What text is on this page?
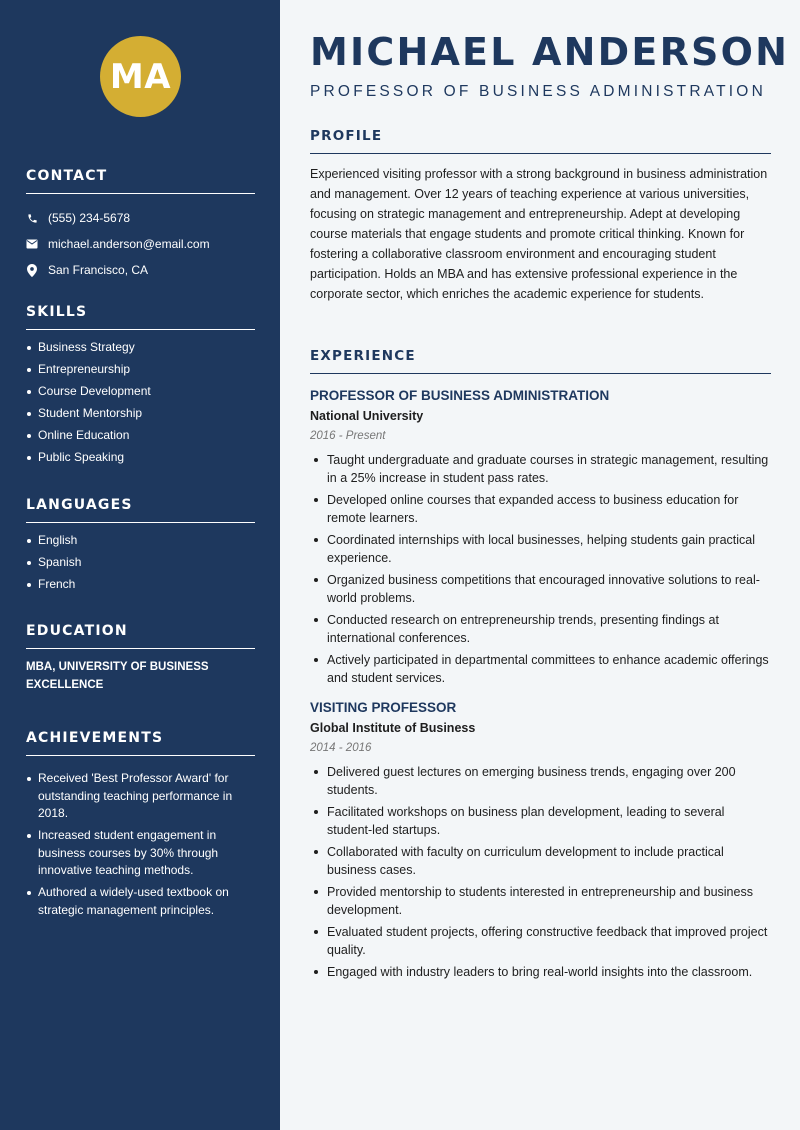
MA
CONTACT
(555) 234-5678
michael.anderson@email.com
San Francisco, CA
SKILLS
Business Strategy
Entrepreneurship
Course Development
Student Mentorship
Online Education
Public Speaking
LANGUAGES
English
Spanish
French
EDUCATION
MBA, UNIVERSITY OF BUSINESS EXCELLENCE
ACHIEVEMENTS
Received 'Best Professor Award' for outstanding teaching performance in 2018.
Increased student engagement in business courses by 30% through innovative teaching methods.
Authored a widely-used textbook on strategic management principles.
MICHAEL ANDERSON
PROFESSOR OF BUSINESS ADMINISTRATION
PROFILE

Experienced visiting professor with a strong background in business administration and management. Over 12 years of teaching experience at various universities, focusing on strategic management and entrepreneurship. Adept at developing course materials that engage students and promote critical thinking. Known for fostering a collaborative classroom environment and encouraging student participation. Holds an MBA and has extensive professional experience in the corporate sector, which enriches the academic experience for students.

EXPERIENCE
PROFESSOR OF BUSINESS ADMINISTRATION
National University
2016 - Present
Taught undergraduate and graduate courses in strategic management, resulting in a 25% increase in student pass rates.
Developed online courses that expanded access to business education for remote learners.
Coordinated internships with local businesses, helping students gain practical experience.
Organized business competitions that encouraged innovative solutions to real-world problems.
Conducted research on entrepreneurship trends, presenting findings at international conferences.
Actively participated in departmental committees to enhance academic offerings and student services.
VISITING PROFESSOR
Global Institute of Business
2014 - 2016
Delivered guest lectures on emerging business trends, engaging over 200 students.
Facilitated workshops on business plan development, leading to several student-led startups.
Collaborated with faculty on curriculum development to include practical business cases.
Provided mentorship to students interested in entrepreneurship and business development.
Evaluated student projects, offering constructive feedback that improved project quality.
Engaged with industry leaders to bring real-world insights into the classroom.
